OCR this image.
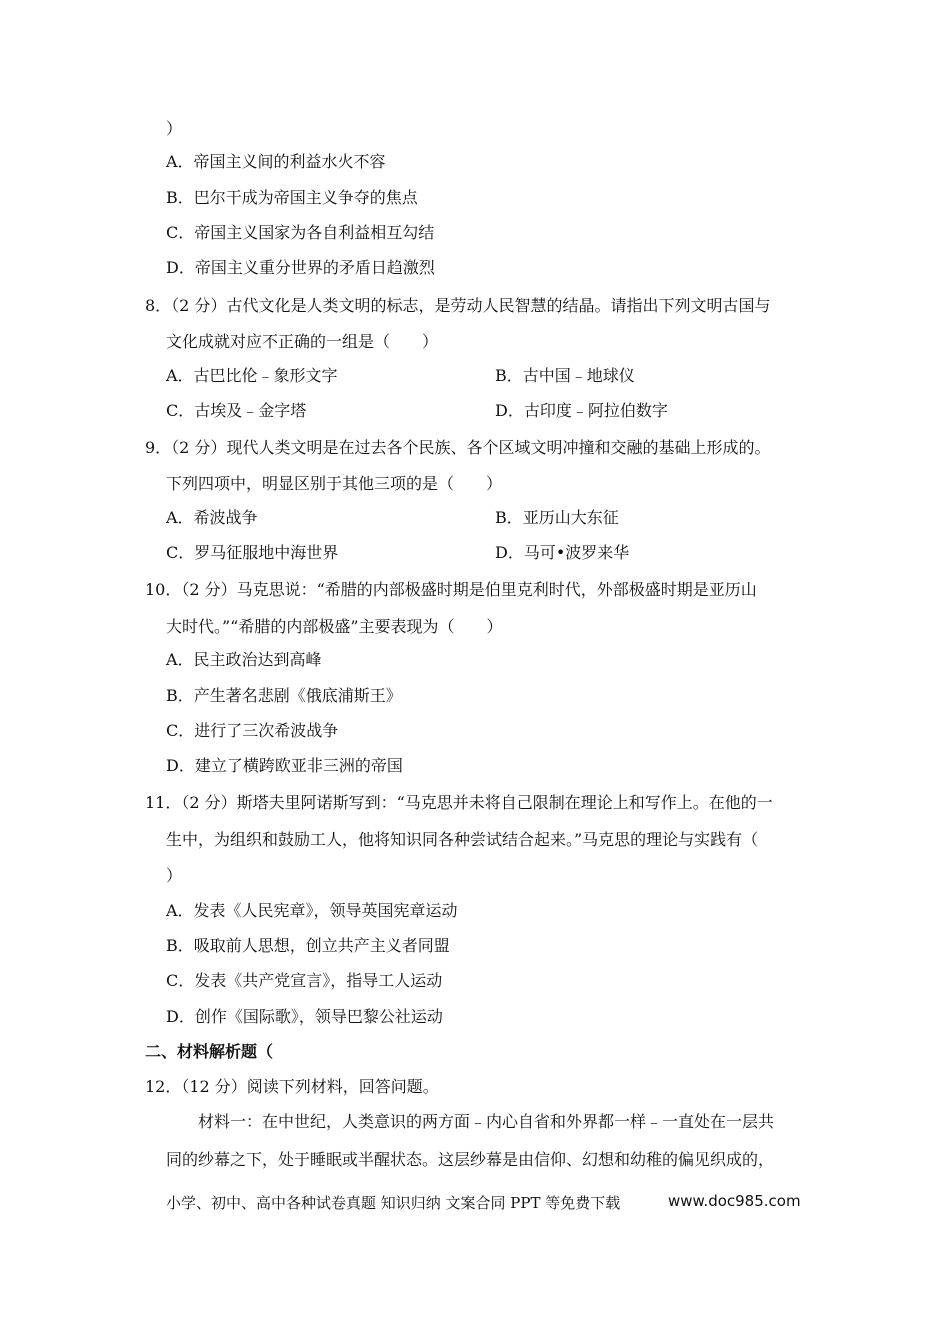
）
A．帝国主义间的利益水火不容
B．巴尔干成为帝国主义争夺的焦点
C．帝国主义国家为各自利益相互勾结
D．帝国主义重分世界的矛盾日趋激烈
8．（2 分）古代文化是人类文明的标志，是劳动人民智慧的结晶。请指出下列文明古国与
文化成就对应不正确的一组是（　　）
A．古巴比伦﹣象形文字	B．古中国﹣地球仪
C．古埃及﹣金字塔	D．古印度﹣阿拉伯数字
9．（2 分）现代人类文明是在过去各个民族、各个区域文明冲撞和交融的基础上形成的。
下列四项中，明显区别于其他三项的是（　　）
A．希波战争	B．亚历山大东征
C．罗马征服地中海世界	D．马可•波罗来华
10．（2 分）马克思说：“希腊的内部极盛时期是伯里克利时代，外部极盛时期是亚历山
大时代。”“希腊的内部极盛”主要表现为（　　）
A．民主政治达到高峰
B．产生著名悲剧《俄底浦斯王》
C．进行了三次希波战争
D．建立了横跨欧亚非三洲的帝国
11．（2 分）斯塔夫里阿诺斯写到：“马克思并未将自己限制在理论上和写作上。在他的一
生中，为组织和鼓励工人，他将知识同各种尝试结合起来。”马克思的理论与实践有（
）
A．发表《人民宪章》，领导英国宪章运动
B．吸取前人思想，创立共产主义者同盟
C．发表《共产党宣言》，指导工人运动
D．创作《国际歌》，领导巴黎公社运动
二、材料解析题（
12．（12 分）阅读下列材料，回答问题。
材料一：在中世纪，人类意识的两方面﹣内心自省和外界都一样﹣一直处在一层共
同的纱幕之下，处于睡眠或半醒状态。这层纱幕是由信仰、幻想和幼稚的偏见织成的，
小学、初中、高中各种试卷真题 知识归纳 文案合同 PPT 等免费下载	www.doc985.com
